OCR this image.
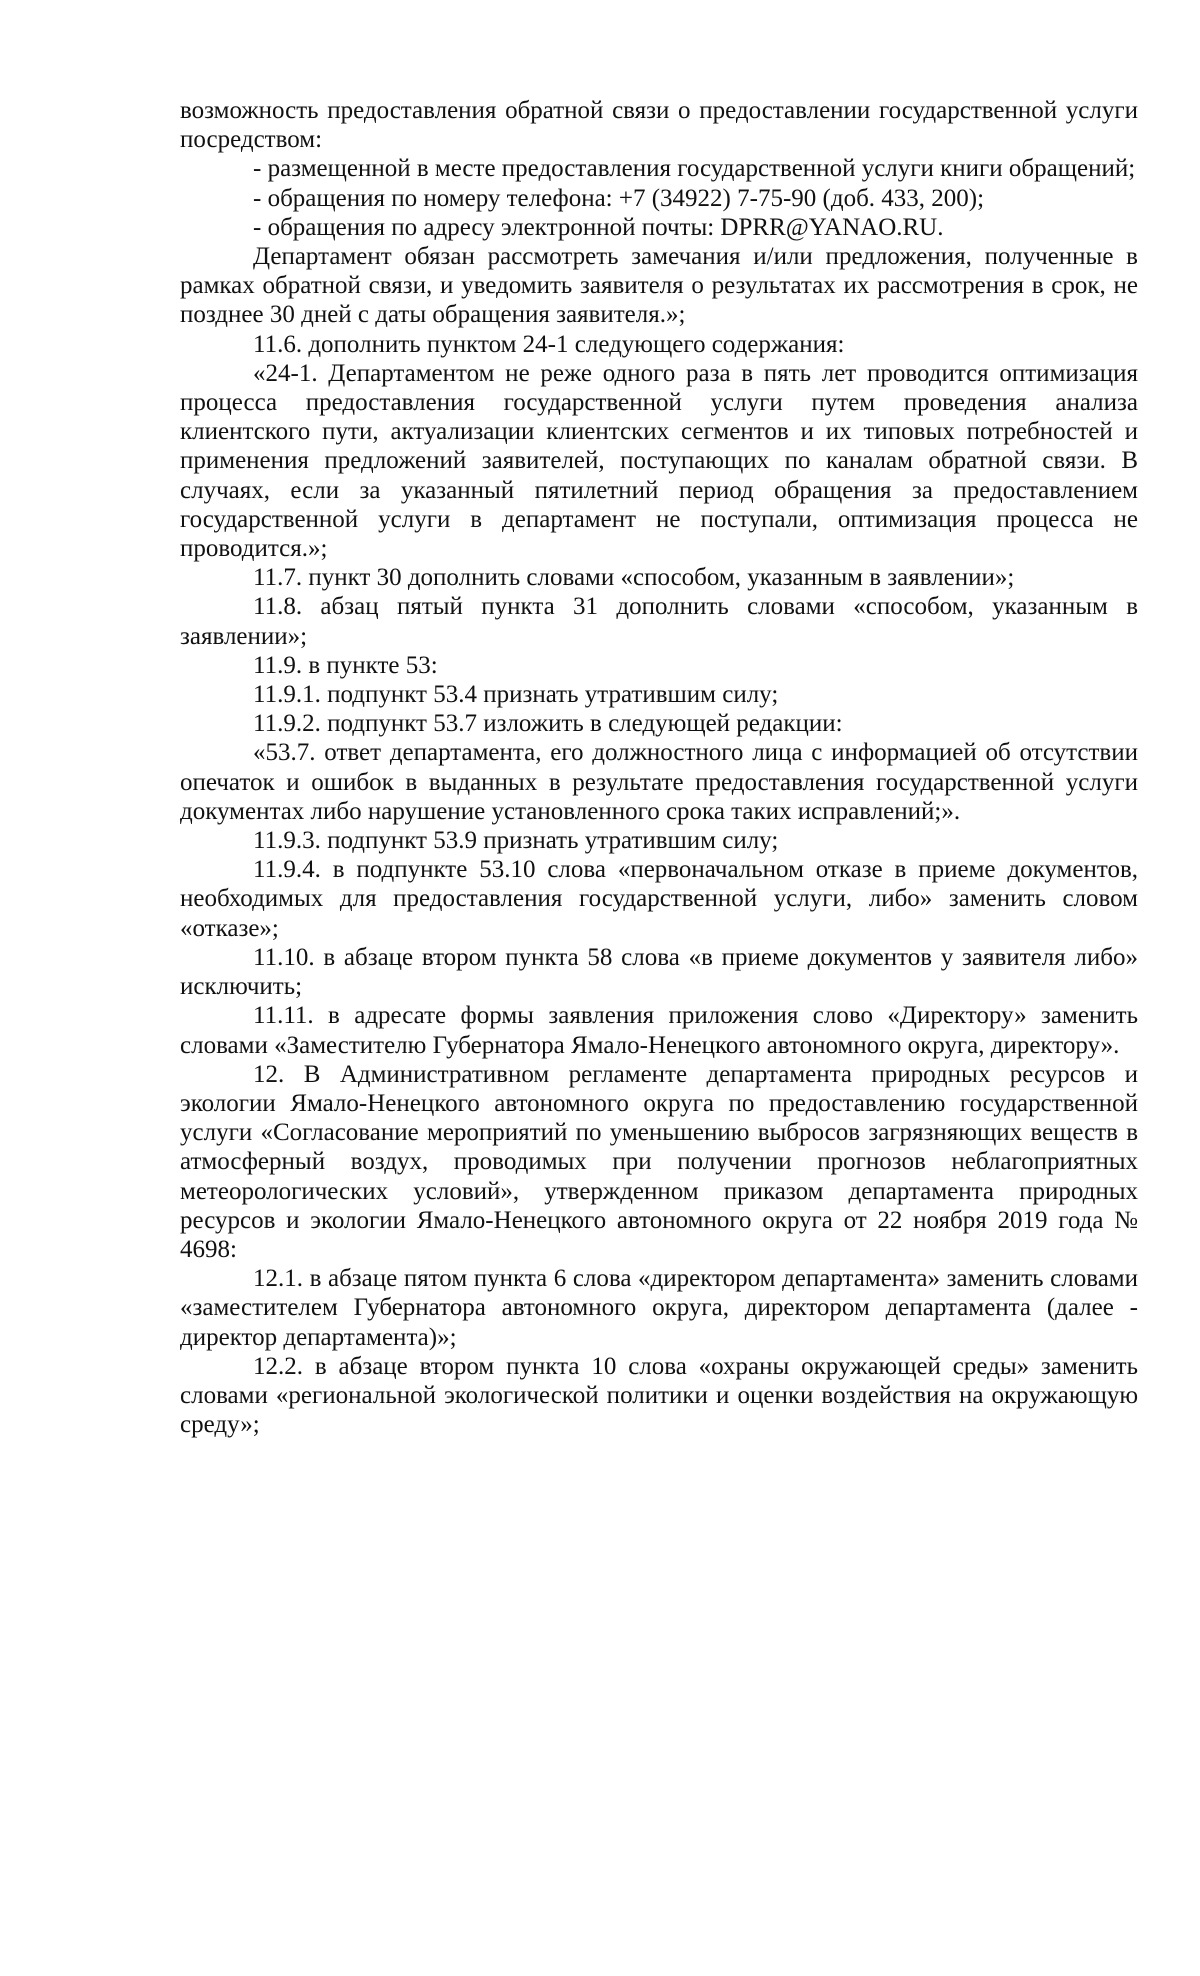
возможность предоставления обратной связи о предоставлении государственной услуги посредством:

- размещенной в месте предоставления государственной услуги книги обращений;

- обращения по номеру телефона: +7 (34922) 7-75-90 (доб. 433, 200);

- обращения по адресу электронной почты: DPRR@YANAO.RU.

Департамент обязан рассмотреть замечания и/или предложения, полученные в рамках обратной связи, и уведомить заявителя о результатах их рассмотрения в срок, не позднее 30 дней с даты обращения заявителя.»;

11.6. дополнить пунктом 24-1 следующего содержания:

«24-1. Департаментом не реже одного раза в пять лет проводится оптимизация процесса предоставления государственной услуги путем проведения анализа клиентского пути, актуализации клиентских сегментов и их типовых потребностей и применения предложений заявителей, поступающих по каналам обратной связи. В случаях, если за указанный пятилетний период обращения за предоставлением государственной услуги в департамент не поступали, оптимизация процесса не проводится.»;

11.7. пункт 30 дополнить словами «способом, указанным в заявлении»;

11.8. абзац пятый пункта 31 дополнить словами «способом, указанным в заявлении»;

11.9. в пункте 53:

11.9.1. подпункт 53.4 признать утратившим силу;

11.9.2. подпункт 53.7 изложить в следующей редакции:

«53.7. ответ департамента, его должностного лица с информацией об отсутствии опечаток и ошибок в выданных в результате предоставления государственной услуги документах либо нарушение установленного срока таких исправлений;».

11.9.3. подпункт 53.9 признать утратившим силу;

11.9.4. в подпункте 53.10 слова «первоначальном отказе в приеме документов, необходимых для предоставления государственной услуги, либо» заменить словом «отказе»;

11.10. в абзаце втором пункта 58 слова «в приеме документов у заявителя либо» исключить;

11.11. в адресате формы заявления приложения слово «Директору» заменить словами «Заместителю Губернатора Ямало-Ненецкого автономного округа, директору».

12. В Административном регламенте департамента природных ресурсов и экологии Ямало-Ненецкого автономного округа по предоставлению государственной услуги «Согласование мероприятий по уменьшению выбросов загрязняющих веществ в атмосферный воздух, проводимых при получении прогнозов неблагоприятных метеорологических условий», утвержденном приказом департамента природных ресурсов и экологии Ямало-Ненецкого автономного округа от 22 ноября 2019 года № 4698:

12.1. в абзаце пятом пункта 6 слова «директором департамента» заменить словами «заместителем Губернатора автономного округа, директором департамента (далее - директор департамента)»;

12.2. в абзаце втором пункта 10 слова «охраны окружающей среды» заменить словами «региональной экологической политики и оценки воздействия на окружающую среду»;
